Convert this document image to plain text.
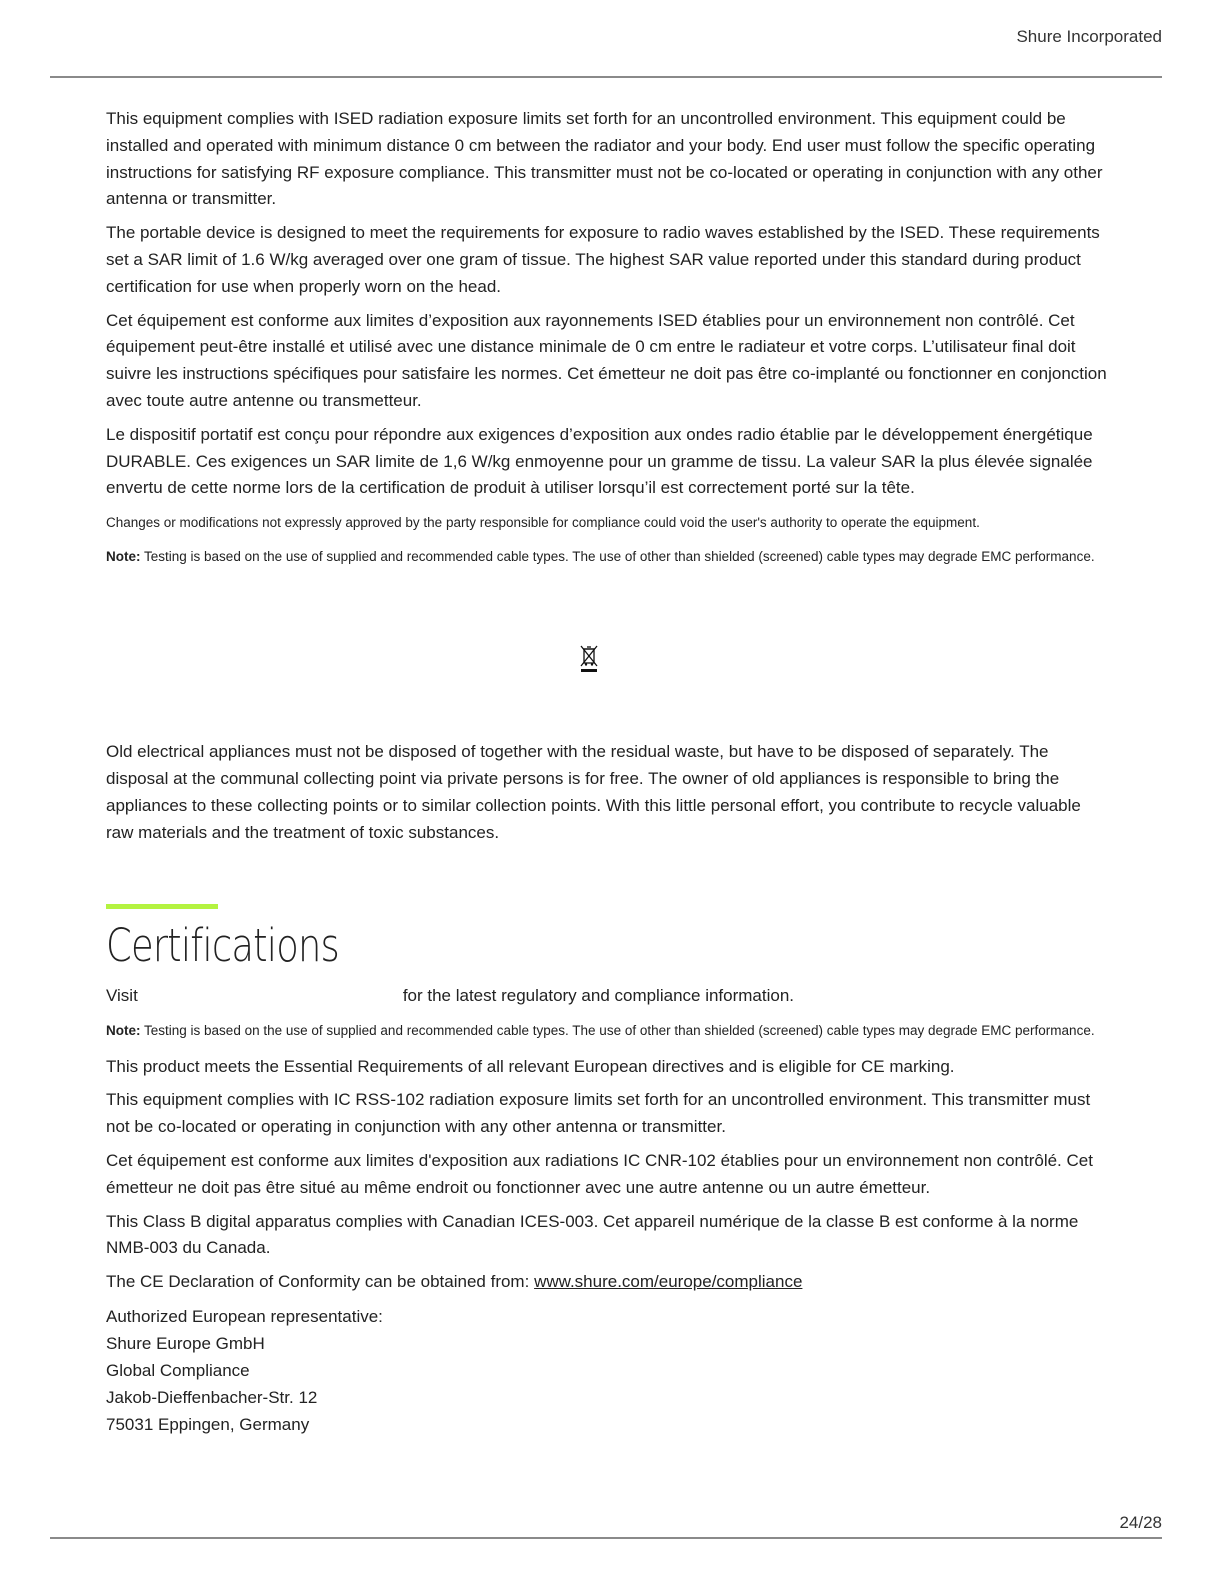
Shure Incorporated

This equipment complies with ISED radiation exposure limits set forth for an uncontrolled environment. This equipment could be installed and operated with minimum distance 0 cm between the radiator and your body. End user must follow the specific operating instructions for satisfying RF exposure compliance. This transmitter must not be co-located or operating in conjunction with any other antenna or transmitter.

The portable device is designed to meet the requirements for exposure to radio waves established by the ISED. These requirements set a SAR limit of 1.6 W/kg averaged over one gram of tissue. The highest SAR value reported under this standard during product certification for use when properly worn on the head.

Cet équipement est conforme aux limites d’exposition aux rayonnements ISED établies pour un environnement non contrôlé. Cet équipement peut-être installé et utilisé avec une distance minimale de 0 cm entre le radiateur et votre corps. L’utilisateur final doit suivre les instructions spécifiques pour satisfaire les normes. Cet émetteur ne doit pas être co-implanté ou fonctionner en conjonction avec toute autre antenne ou transmetteur.

Le dispositif portatif est conçu pour répondre aux exigences d’exposition aux ondes radio établie par le développement énergétique DURABLE. Ces exigences un SAR limite de 1,6 W/kg enmoyenne pour un gramme de tissu. La valeur SAR la plus élevée signalée envertu de cette norme lors de la certification de produit à utiliser lorsqu’il est correctement porté sur la tête.

Changes or modifications not expressly approved by the party responsible for compliance could void the user's authority to operate the equipment.

Note: Testing is based on the use of supplied and recommended cable types. The use of other than shielded (screened) cable types may degrade EMC performance.

Old electrical appliances must not be disposed of together with the residual waste, but have to be disposed of separately. The disposal at the communal collecting point via private persons is for free. The owner of old appliances is responsible to bring the appliances to these collecting points or to similar collection points. With this little personal effort, you contribute to recycle valuable raw materials and the treatment of toxic substances.

Certifications

Visit	for the latest regulatory and compliance information.

Note: Testing is based on the use of supplied and recommended cable types. The use of other than shielded (screened) cable types may degrade EMC performance.

This product meets the Essential Requirements of all relevant European directives and is eligible for CE marking.

This equipment complies with IC RSS-102 radiation exposure limits set forth for an uncontrolled environment. This transmitter must not be co-located or operating in conjunction with any other antenna or transmitter.

Cet équipement est conforme aux limites d'exposition aux radiations IC CNR-102 établies pour un environnement non contrôlé. Cet émetteur ne doit pas être situé au même endroit ou fonctionner avec une autre antenne ou un autre émetteur.

This Class B digital apparatus complies with Canadian ICES-003. Cet appareil numérique de la classe B est conforme à la norme NMB-003 du Canada.

The CE Declaration of Conformity can be obtained from: www.shure.com/europe/compliance

Authorized European representative:

Shure Europe GmbH

Global Compliance

Jakob-Dieffenbacher-Str. 12

75031 Eppingen, Germany

24/28
